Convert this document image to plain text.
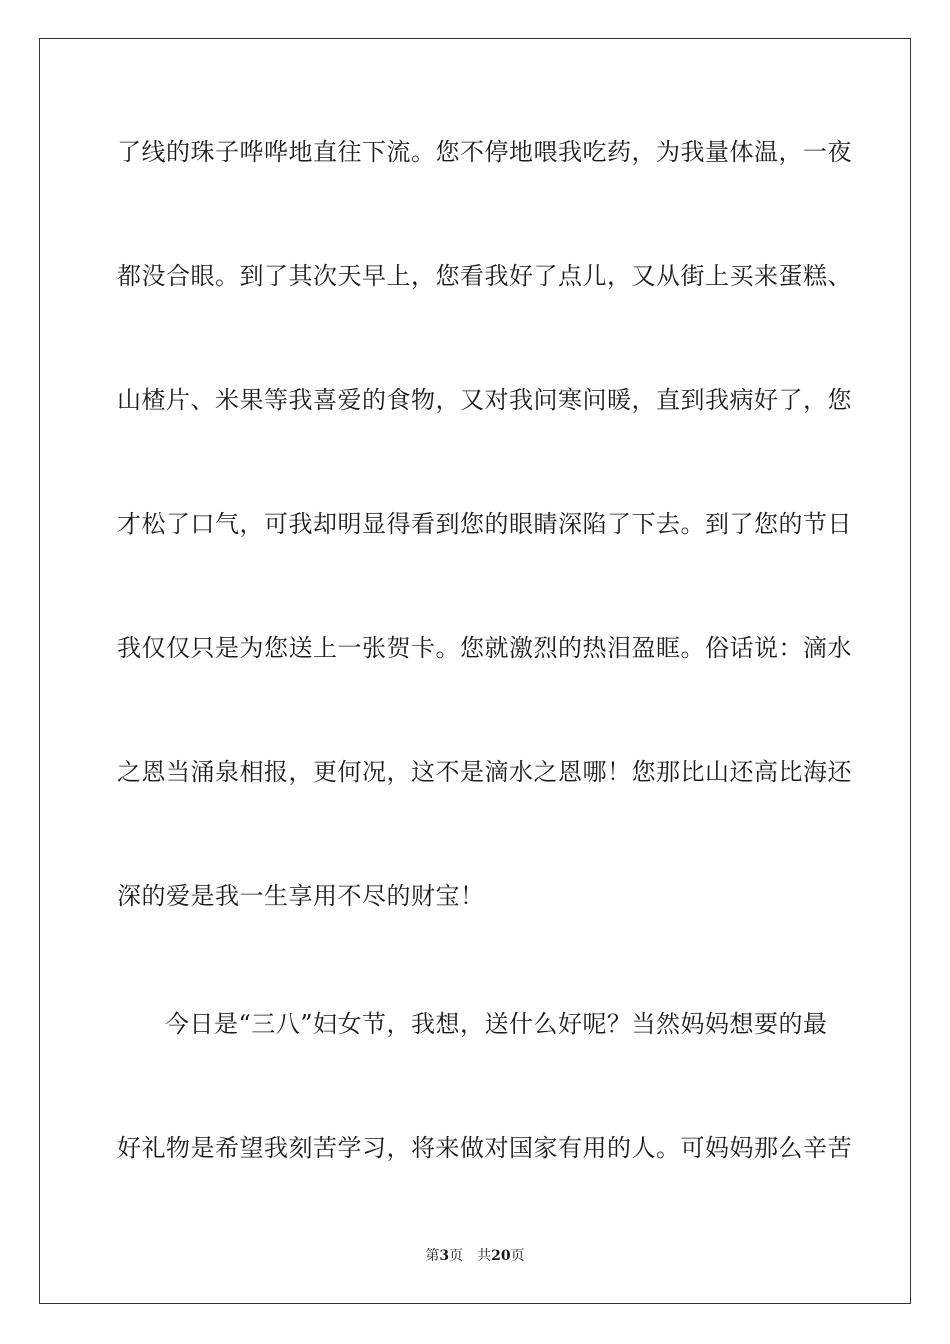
了线的珠子哗哗地直往下流。您不停地喂我吃药，为我量体温，一夜
都没合眼。到了其次天早上，您看我好了点儿，又从街上买来蛋糕、
山楂片、米果等我喜爱的食物，又对我问寒问暖，直到我病好了，您
才松了口气，可我却明显得看到您的眼睛深陷了下去。到了您的节日
我仅仅只是为您送上一张贺卡。您就激烈的热泪盈眶。俗话说：滴水
之恩当涌泉相报，更何况，这不是滴水之恩哪！您那比山还高比海还
深的爱是我一生享用不尽的财宝！
今日是“三八”妇女节，我想，送什么好呢？当然妈妈想要的最
好礼物是希望我刻苦学习，将来做对国家有用的人。可妈妈那么辛苦
第3页 共20页
